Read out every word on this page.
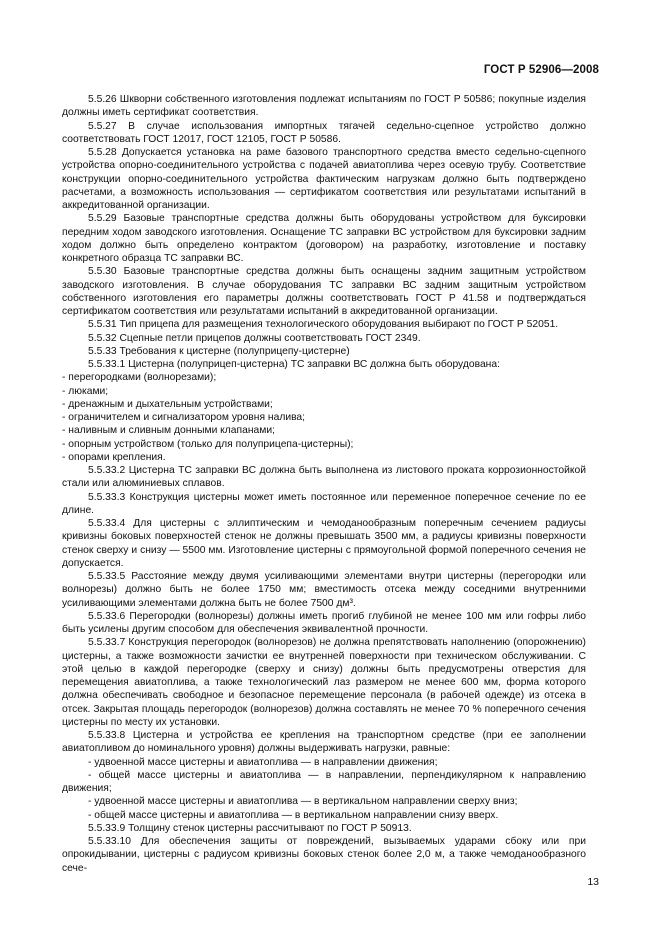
ГОСТ Р 52906—2008

5.5.26 Шкворни собственного изготовления подлежат испытаниям по ГОСТ Р 50586; покупные изделия должны иметь сертификат соответствия.

5.5.27 В случае использования импортных тягачей седельно-сцепное устройство должно соответствовать ГОСТ 12017, ГОСТ 12105, ГОСТ Р 50586.

5.5.28 Допускается установка на раме базового транспортного средства вместо седельно-сцепного устройства опорно-соединительного устройства с подачей авиатоплива через осевую трубу. Соответствие конструкции опорно-соединительного устройства фактическим нагрузкам должно быть подтверждено расчетами, а возможность использования — сертификатом соответствия или результатами испытаний в аккредитованной организации.

5.5.29 Базовые транспортные средства должны быть оборудованы устройством для буксировки передним ходом заводского изготовления. Оснащение ТС заправки ВС устройством для буксировки задним ходом должно быть определено контрактом (договором) на разработку, изготовление и поставку конкретного образца ТС заправки ВС.

5.5.30 Базовые транспортные средства должны быть оснащены задним защитным устройством заводского изготовления. В случае оборудования ТС заправки ВС задним защитным устройством собственного изготовления его параметры должны соответствовать ГОСТ Р 41.58 и подтверждаться сертификатом соответствия или результатами испытаний в аккредитованной организации.

5.5.31 Тип прицепа для размещения технологического оборудования выбирают по ГОСТ Р 52051.

5.5.32 Сцепные петли прицепов должны соответствовать ГОСТ 2349.

5.5.33 Требования к цистерне (полуприцепу-цистерне)

5.5.33.1 Цистерна (полуприцеп-цистерна) ТС заправки ВС должна быть оборудована:

- перегородками (волнорезами);

- люками;

- дренажным и дыхательным устройствами;

- ограничителем и сигнализатором уровня налива;

- наливным и сливным донными клапанами;

- опорным устройством (только для полуприцепа-цистерны);

- опорами крепления.

5.5.33.2 Цистерна ТС заправки ВС должна быть выполнена из листового проката коррозионностойкой стали или алюминиевых сплавов.

5.5.33.3 Конструкция цистерны может иметь постоянное или переменное поперечное сечение по ее длине.

5.5.33.4 Для цистерны с эллиптическим и чемоданообразным поперечным сечением радиусы кривизны боковых поверхностей стенок не должны превышать 3500 мм, а радиусы кривизны поверхности стенок сверху и снизу — 5500 мм. Изготовление цистерны с прямоугольной формой поперечного сечения не допускается.

5.5.33.5 Расстояние между двумя усиливающими элементами внутри цистерны (перегородки или волнорезы) должно быть не более 1750 мм; вместимость отсека между соседними внутренними усиливающими элементами должна быть не более 7500 дм³.

5.5.33.6 Перегородки (волнорезы) должны иметь прогиб глубиной не менее 100 мм или гофры либо быть усилены другим способом для обеспечения эквивалентной прочности.

5.5.33.7 Конструкция перегородок (волнорезов) не должна препятствовать наполнению (опорожнению) цистерны, а также возможности зачистки ее внутренней поверхности при техническом обслуживании. С этой целью в каждой перегородке (сверху и снизу) должны быть предусмотрены отверстия для перемещения авиатоплива, а также технологический лаз размером не менее 600 мм, форма которого должна обеспечивать свободное и безопасное перемещение персонала (в рабочей одежде) из отсека в отсек. Закрытая площадь перегородок (волнорезов) должна составлять не менее 70 % поперечного сечения цистерны по месту их установки.

5.5.33.8 Цистерна и устройства ее крепления на транспортном средстве (при ее заполнении авиатопливом до номинального уровня) должны выдерживать нагрузки, равные:

- удвоенной массе цистерны и авиатоплива — в направлении движения;

- общей массе цистерны и авиатоплива — в направлении, перпендикулярном к направлению движения;

- удвоенной массе цистерны и авиатоплива — в вертикальном направлении сверху вниз;

- общей массе цистерны и авиатоплива — в вертикальном направлении снизу вверх.

5.5.33.9 Толщину стенок цистерны рассчитывают по ГОСТ Р 50913.

5.5.33.10 Для обеспечения защиты от повреждений, вызываемых ударами сбоку или при опрокидывании, цистерны с радиусом кривизны боковых стенок более 2,0 м, а также чемоданообразного сече-

13
